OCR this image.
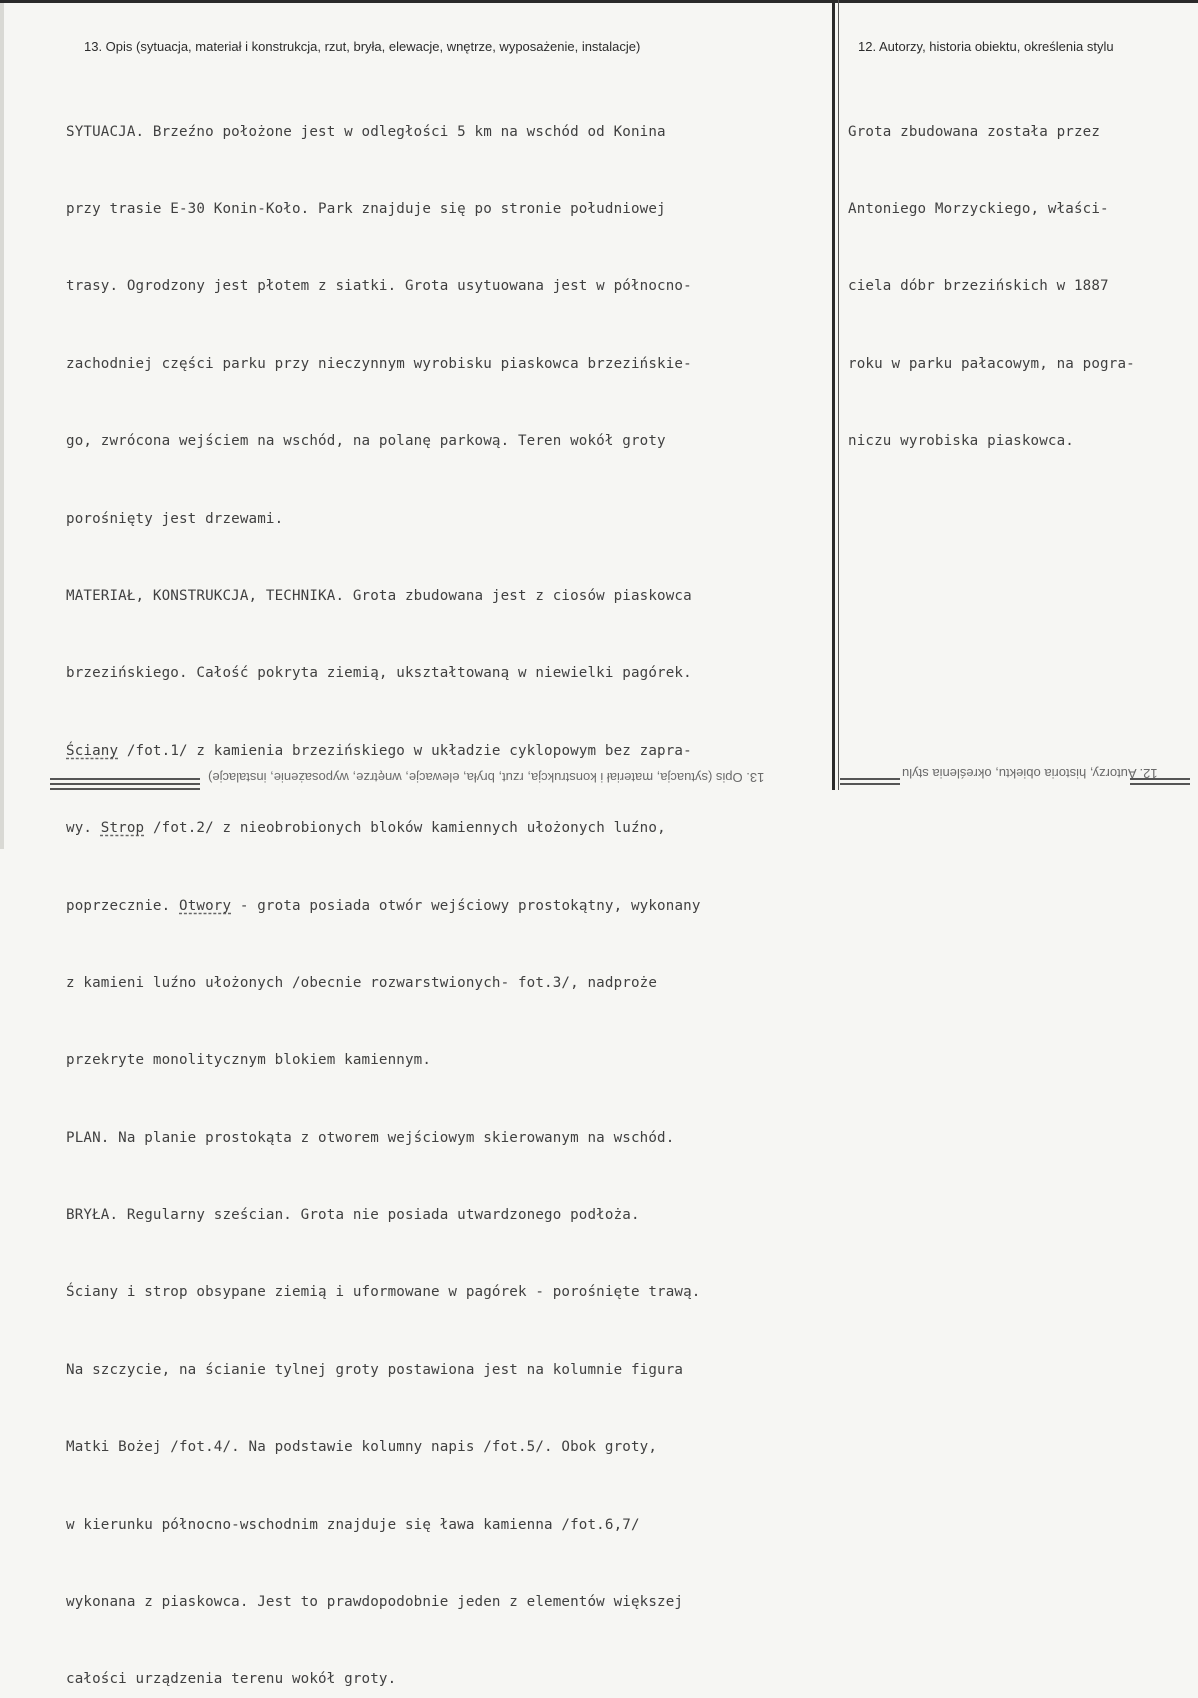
13. Opis (sytuacja, materiał i konstrukcja, rzut, bryła, elewacje, wnętrze, wyposażenie, instalacje)	12. Autorzy, historia obiektu, określenia stylu

SYTUACJA. Brzeźno położone jest w odległości 5 km na wschód od Konina

przy trasie E-30 Konin-Koło. Park znajduje się po stronie południowej

trasy. Ogrodzony jest płotem z siatki. Grota usytuowana jest w północno-

zachodniej części parku przy nieczynnym wyrobisku piaskowca brzezińskie-

go, zwrócona wejściem na wschód, na polanę parkową. Teren wokół groty

porośnięty jest drzewami.

MATERIAŁ, KONSTRUKCJA, TECHNIKA. Grota zbudowana jest z ciosów piaskowca

brzezińskiego. Całość pokryta ziemią, ukształtowaną w niewielki pagórek.

Ściany /fot.1/ z kamienia brzezińskiego w układzie cyklopowym bez zapra-

wy. Strop /fot.2/ z nieobrobionych bloków kamiennych ułożonych luźno,

poprzecznie. Otwory - grota posiada otwór wejściowy prostokątny, wykonany

z kamieni luźno ułożonych /obecnie rozwarstwionych- fot.3/, nadproże

przekryte monolitycznym blokiem kamiennym.

PLAN. Na planie prostokąta z otworem wejściowym skierowanym na wschód.

BRYŁA. Regularny sześcian. Grota nie posiada utwardzonego podłoża.

Ściany i strop obsypane ziemią i uformowane w pagórek - porośnięte trawą.

Na szczycie, na ścianie tylnej groty postawiona jest na kolumnie figura

Matki Bożej /fot.4/. Na podstawie kolumny napis /fot.5/. Obok groty,

w kierunku północno-wschodnim znajduje się ława kamienna /fot.6,7/

wykonana z piaskowca. Jest to prawdopodobnie jeden z elementów większej

całości urządzenia terenu wokół groty.

Grota zbudowana została przez

Antoniego Morzyckiego, właści-

ciela dóbr brzezińskich w 1887

roku w parku pałacowym, na pogra-

niczu wyrobiska piaskowca.

13. Opis (sytuacja, materiał i konstrukcja, rzut, bryła, elewacje, wnętrze, wyposażenie, instalacje)	12. Autorzy, historia obiektu, określenia stylu
